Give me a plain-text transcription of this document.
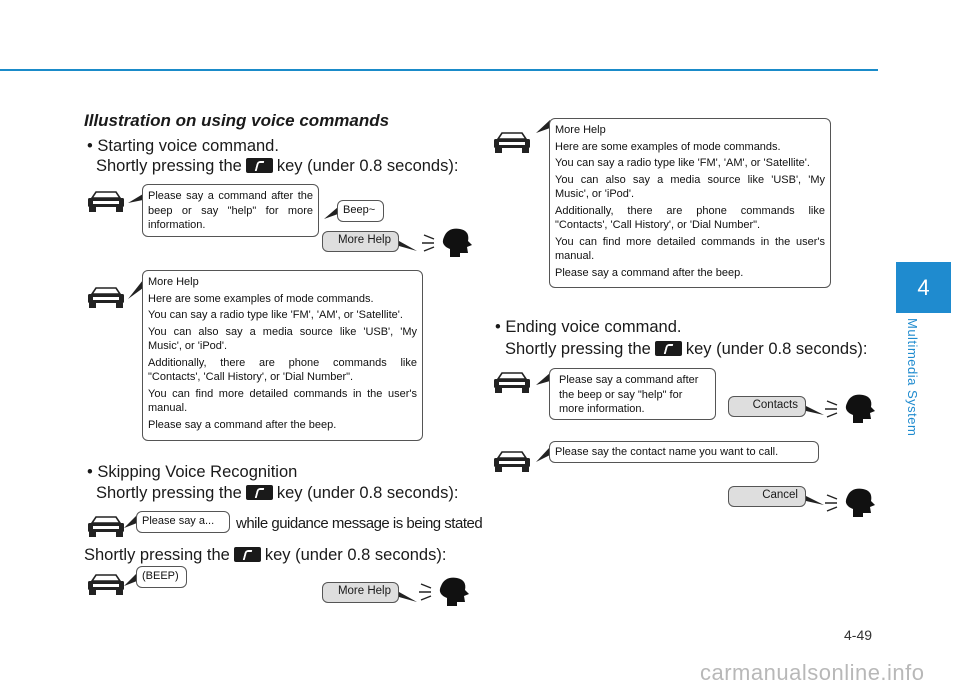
4
Multimedia System
4-49
carmanualsonline.info
Illustration on using voice commands
• Starting voice command.
Shortly pressing the key (under 0.8 seconds):
• Skipping Voice Recognition
Shortly pressing the key (under 0.8 seconds):
Shortly pressing the key (under 0.8 seconds):
• Ending voice command.
Shortly pressing the key (under 0.8 seconds):

Please say a command after the beep or say "help" for more information.

Beep~
More Help

More Help

Here are some examples of mode commands.

You can say a radio type like 'FM', 'AM', or 'Satellite'.

You can also say a media source like 'USB', 'My Music', or 'iPod'.

Additionally, there are phone commands like "Contacts', 'Call History', or 'Dial Number".

You can find more detailed commands in the user's manual.

Please say a command after the beep.

Please say a...	while guidance message is being stated
(BEEP)
More Help

More Help

Here are some examples of mode commands.

You can say a radio type like 'FM', 'AM', or 'Satellite'.

You can also say a media source like 'USB', 'My Music', or 'iPod'.

Additionally, there are phone commands like "Contacts', 'Call History', or 'Dial Number".

You can find more detailed commands in the user's manual.

Please say a command after the beep.

Please say a command after the beep or say "help" for more information.	Contacts
Please say the contact name you want to call.
Cancel
